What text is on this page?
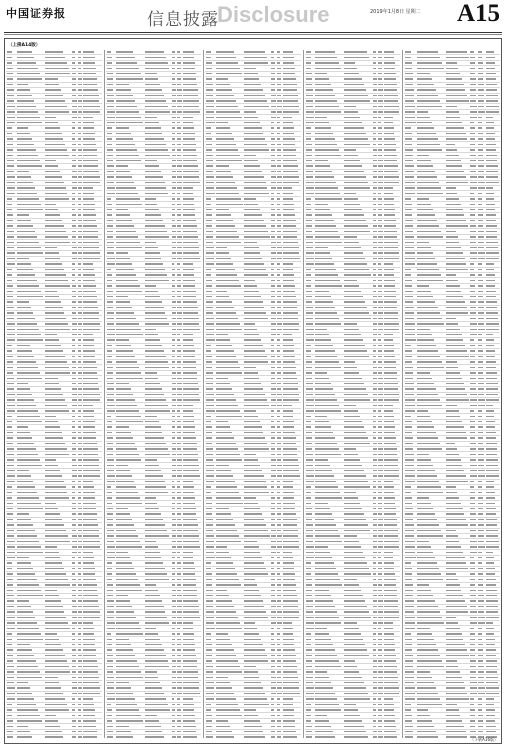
中国证券报	信息披露
Disclosure	2019年1月8日 星期二 A15
（上接A14版）
（下转A16版）
